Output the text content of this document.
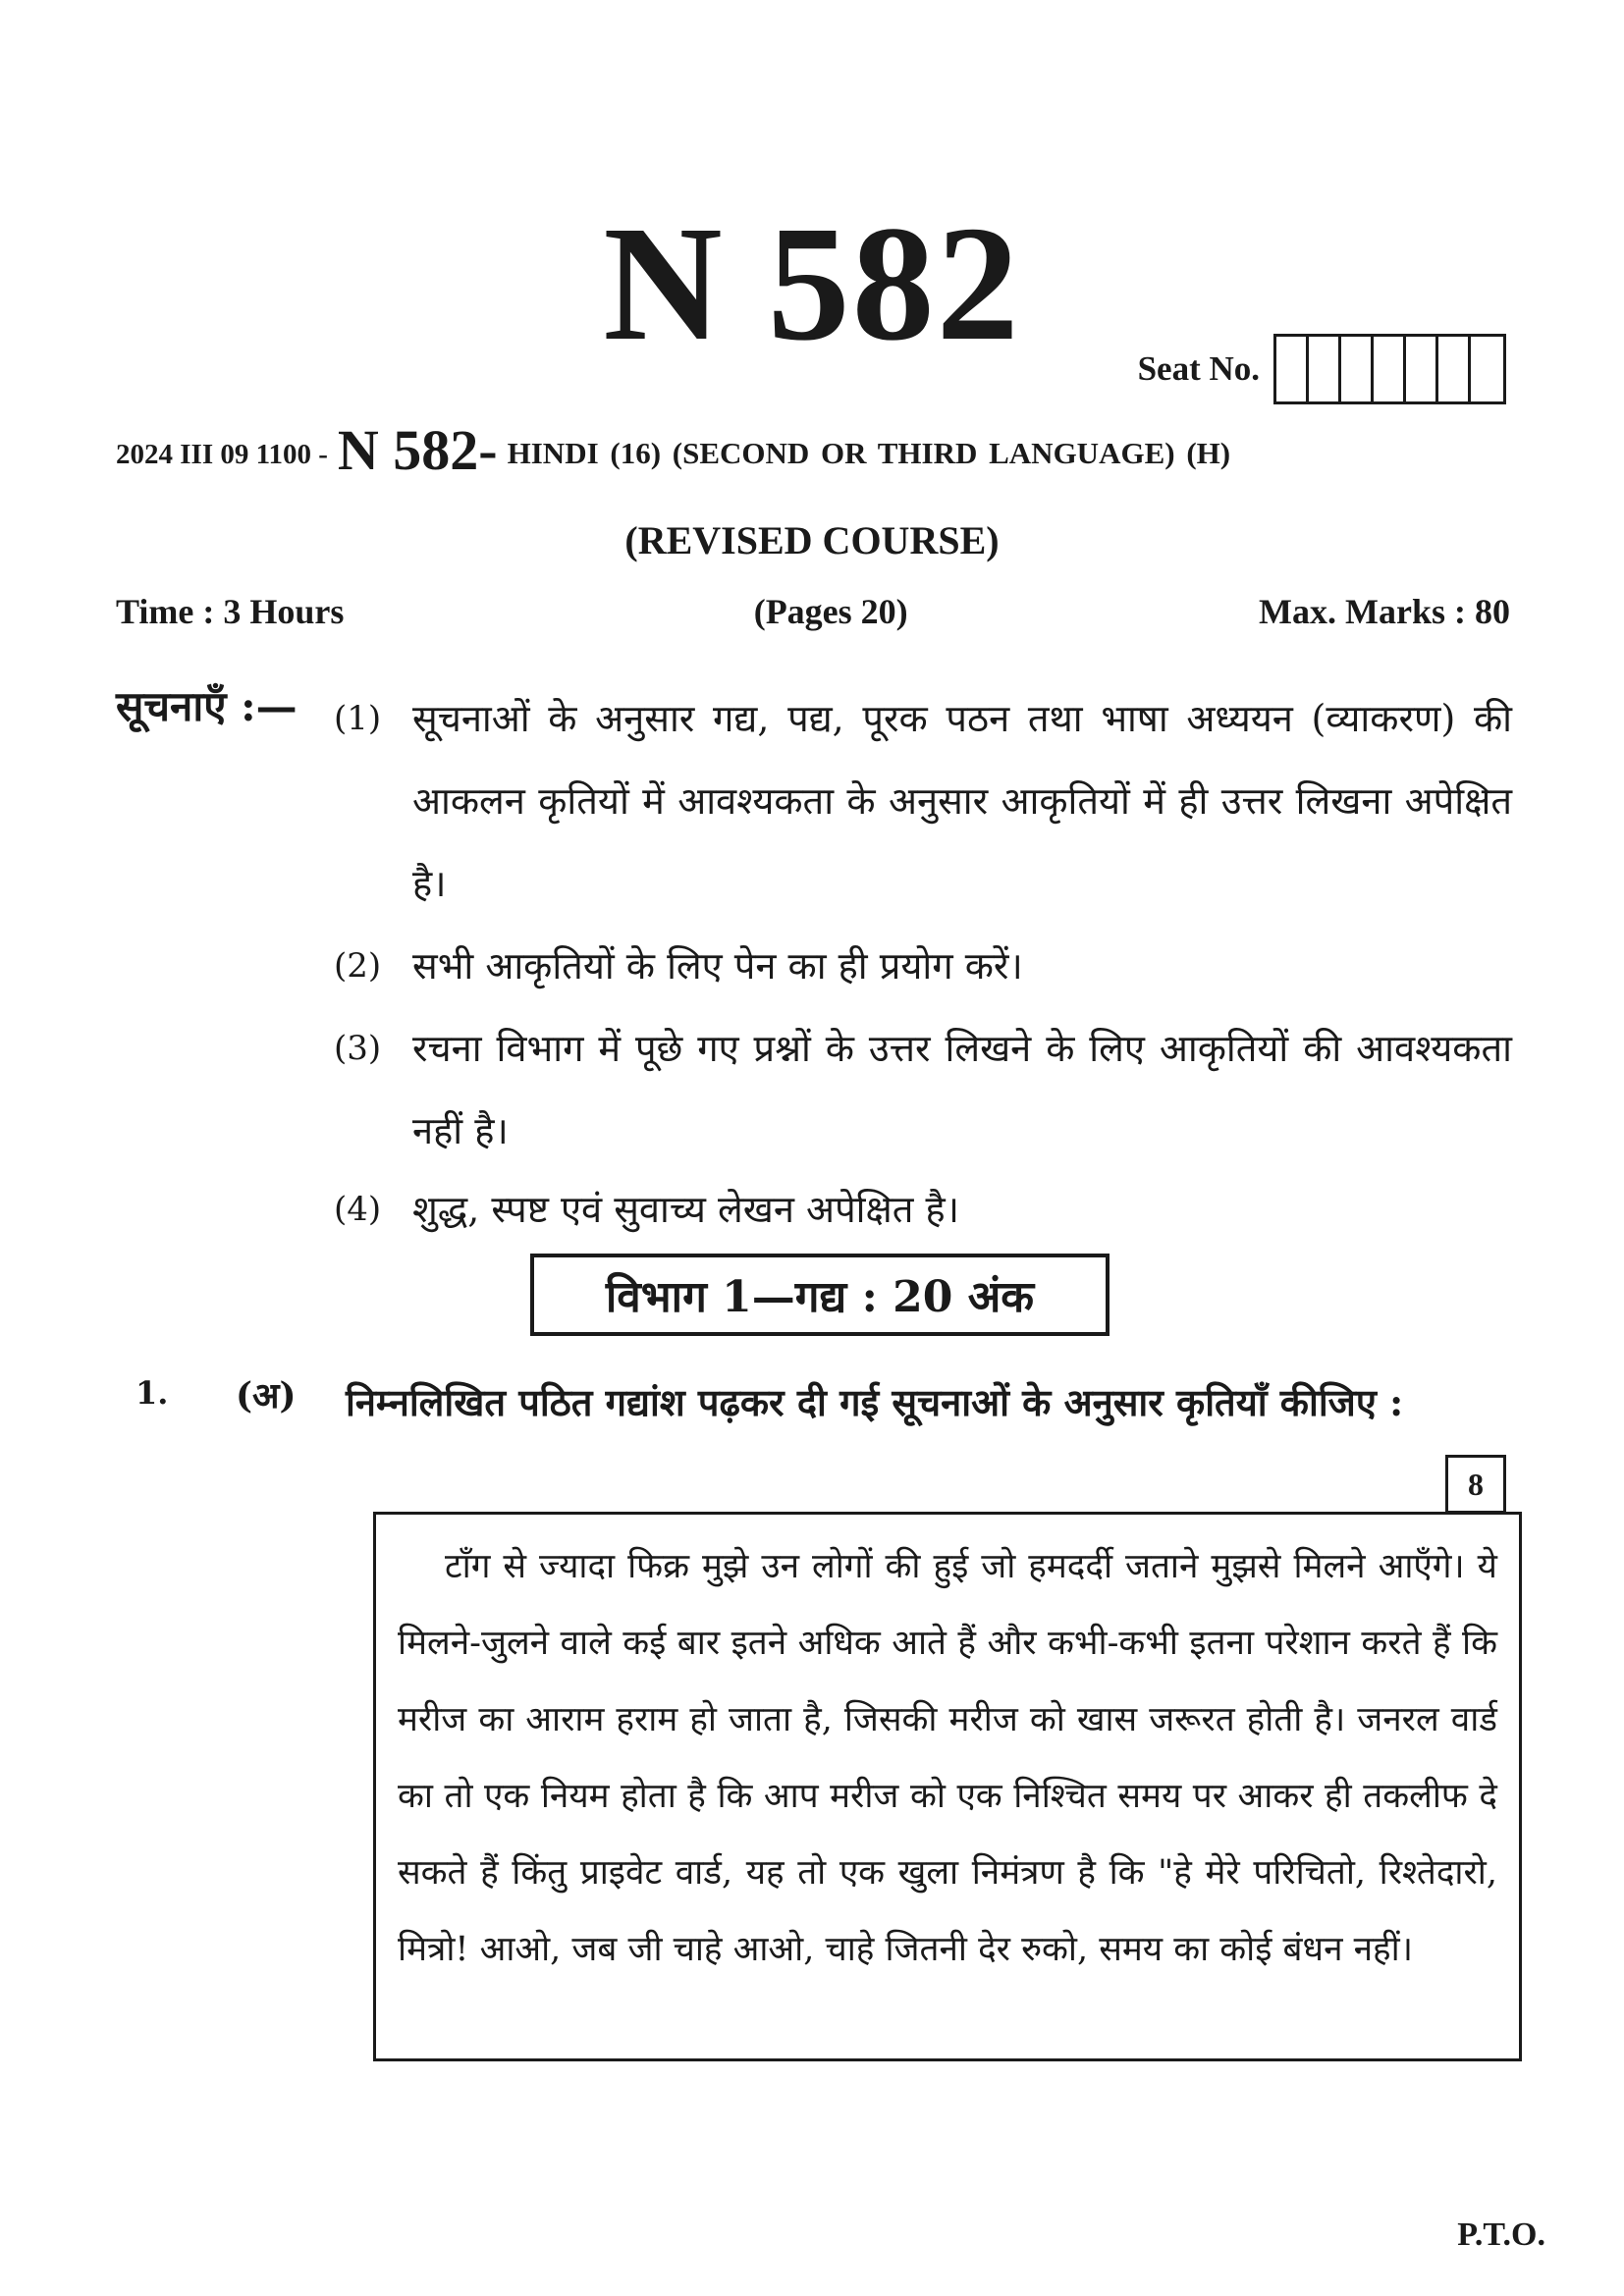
N 582	Seat No.
2024 III 09 1100 - N 582- HINDI (16) (SECOND OR THIRD LANGUAGE) (H)
(REVISED COURSE)
Time : 3 Hours	(Pages 20)	Max. Marks : 80
सूचनाएँ :— (1) सूचनाओं के अनुसार गद्य, पद्य, पूरक पठन तथा भाषा अध्ययन (व्याकरण) की आकलन कृतियों में आवश्यकता के अनुसार आकृतियों में ही उत्तर लिखना अपेक्षित है।
(2) सभी आकृतियों के लिए पेन का ही प्रयोग करें।
(3) रचना विभाग में पूछे गए प्रश्नों के उत्तर लिखने के लिए आकृतियों की आवश्यकता नहीं है।
(4) शुद्ध, स्पष्ट एवं सुवाच्य लेखन अपेक्षित है।
विभाग 1—गद्य : 20 अंक
1. (अ) निम्नलिखित पठित गद्यांश पढ़कर दी गई सूचनाओं के अनुसार कृतियाँ कीजिए :
8
टाँग से ज्यादा फिक्र मुझे उन लोगों की हुई जो हमदर्दी जताने मुझसे मिलने आएँगे। ये मिलने-जुलने वाले कई बार इतने अधिक आते हैं और कभी-कभी इतना परेशान करते हैं कि मरीज का आराम हराम हो जाता है, जिसकी मरीज को खास जरूरत होती है। जनरल वार्ड का तो एक नियम होता है कि आप मरीज को एक निश्चित समय पर आकर ही तकलीफ दे सकते हैं किंतु प्राइवेट वार्ड, यह तो एक खुला निमंत्रण है कि "हे मेरे परिचितो, रिश्तेदारो, मित्रो! आओ, जब जी चाहे आओ, चाहे जितनी देर रुको, समय का कोई बंधन नहीं।
P.T.O.
